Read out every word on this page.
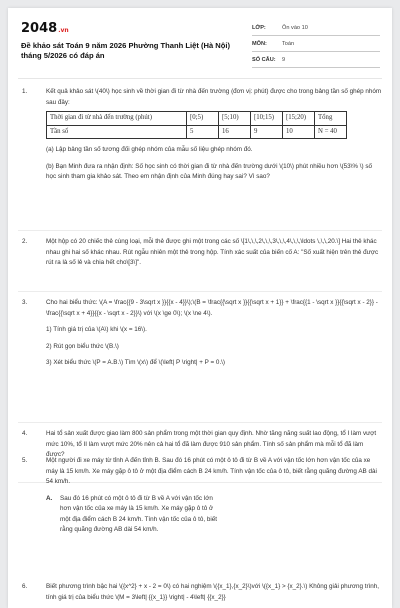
2048.vn
Đề khảo sát Toán 9 năm 2026 Phường Thanh Liệt (Hà Nội) tháng 5/2026 có đáp án
LỚP:	Ôn vào 10
MÔN:	Toán
SỐ CÂU:	9
1.	Kết quả khảo sát \(40\) học sinh về thời gian đi từ nhà đến trường (đơn vị: phút) được cho trong bảng tần số ghép nhóm sau đây:

Thời gian đi từ nhà đến trường (phút)	[0;5)	[5;10)	[10;15)	[15;20)	Tổng
Tần số	5	16	9	10	N = 40

(a) Lập bảng tần số tương đối ghép nhóm của mẫu số liệu ghép nhóm đó.

(b) Bạn Minh đưa ra nhận định: Số học sinh có thời gian đi từ nhà đến trường dưới \(10\) phút nhiều hơn \(53\% \) số học sinh tham gia khảo sát. Theo em nhận định của Minh đúng hay sai? Vì sao?

2.	Một hộp có 20 chiếc thẻ cùng loại, mỗi thẻ được ghi một trong các số \[1\,\,\,2\,\,\,3\,\,\,4\,\,\,\ldots \,\,\,20.\] Hai thẻ khác nhau ghi hai số khác nhau. Rút ngẫu nhiên một thẻ trong hộp. Tính xác suất của biến cố A: "Số xuất hiện trên thẻ được rút ra là số lẻ và chia hết cho\[3\]".

3.	Cho hai biểu thức: \(A = \frac{{9 - 3\sqrt x }}{{x - 4}}\);\(B = \frac{{\sqrt x }}{{\sqrt x + 1}} + \frac{{1 - \sqrt x }}{{\sqrt x - 2}} - \frac{{\sqrt x + 4}}{{x - \sqrt x - 2}}\) với \(x \ge 0\); \(x \ne 4\).

1) Tính giá trị của \(A\) khi \(x = 16\).

2) Rút gọn biểu thức \(B.\)

3) Xét biểu thức \(P = A.B.\) Tìm \(x\) để \(\left| P \right| + P = 0.\)

4.	Hai tổ sản xuất được giao làm 800 sản phẩm trong một thời gian quy định. Nhờ tăng năng suất lao động, tổ I làm vượt mức 10%, tổ II làm vượt mức 20% nên cả hai tổ đã làm được 910 sản phẩm. Tính số sản phẩm mà mỗi tổ đã làm được?

5.	Một người đi xe máy từ tỉnh A đến tỉnh B. Sau đó 16 phút có một ô tô đi từ B về A với vận tốc lớn hơn vận tốc của xe máy là 15 km/h. Xe máy gặp ô tô ở một địa điểm cách B 24 km/h. Tính vận tốc của ô tô, biết rằng quãng đường AB dài 54 km/h.

A.	Sau đó 16 phút có một ô tô đi từ B về A với vận tốc lớn hơn vận tốc của xe máy là 15 km/h. Xe máy gặp ô tô ở một địa điểm cách B 24 km/h. Tính vận tốc của ô tô, biết rằng quãng đường AB dài 54 km/h.
6.	Biết phương trình bậc hai \({x^2} + x - 2 = 0\) có hai nghiệm \({x_1},{x_2}\)với \({x_1} > {x_2}.\) Không giải phương trình, tính giá trị của biểu thức \(M = 3\left| {{x_1}} \right| - 4\left| {{x_2}}
